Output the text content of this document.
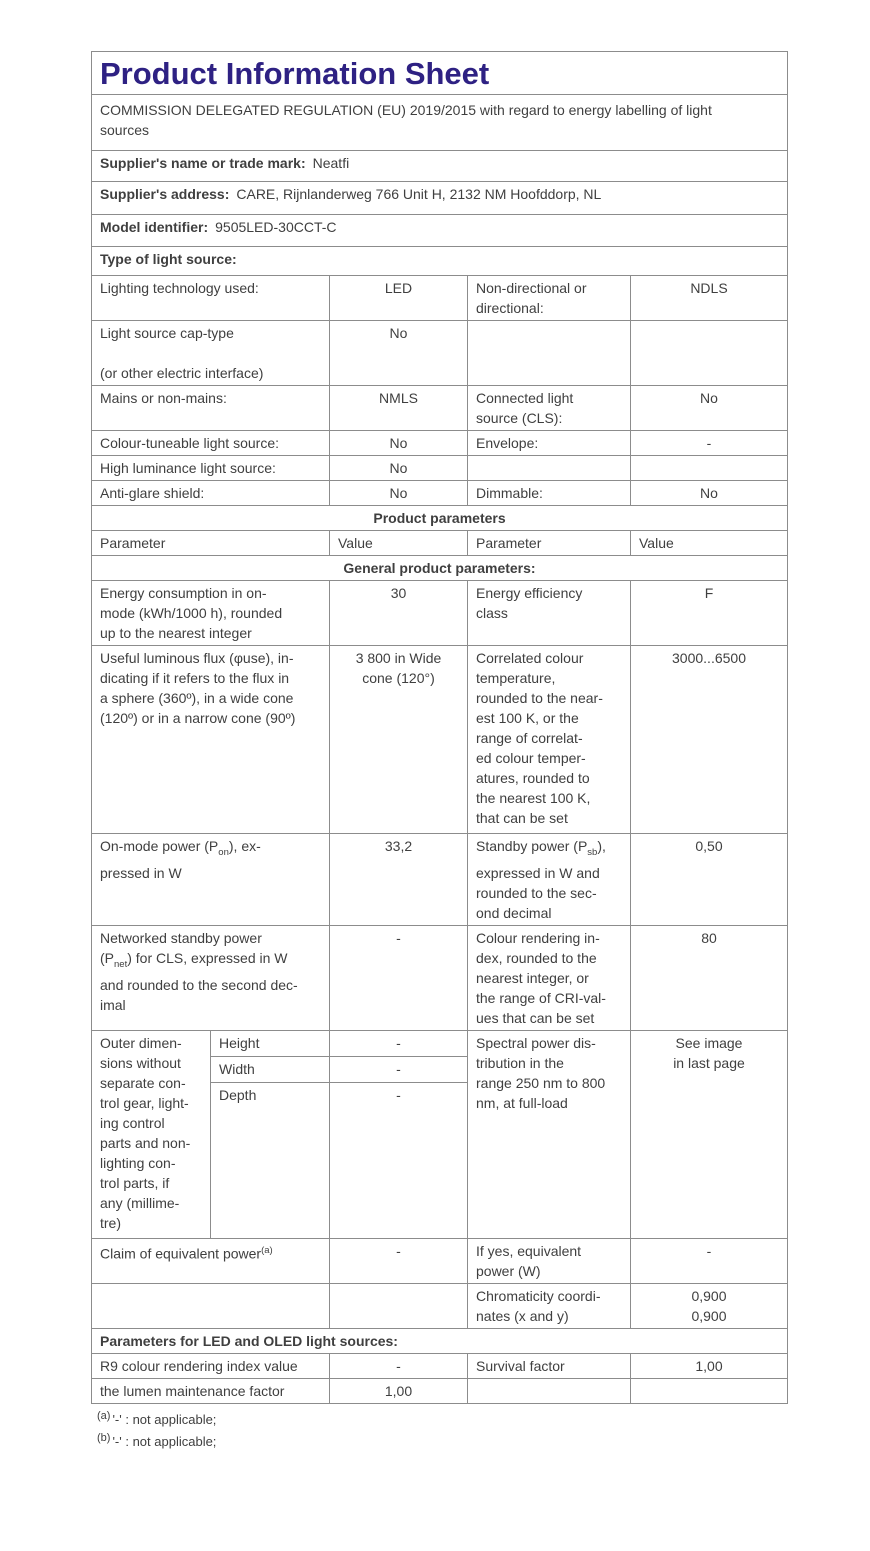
Product Information Sheet				

COMMISSION DELEGATED REGULATION (EU) 2019/2015 with regard to energy labelling of light
sources				
Supplier's name or trade mark: Neatfi				
Supplier's address: CARE, Rijnlanderweg 766 Unit H, 2132 NM Hoofddorp, NL				
Model identifier: 9505LED-30CCT-C				
Type of light source:				
Lighting technology used:		LED	Non-directional or
directional:	NDLS
Light source cap-type

(or other electric interface)		No		
Mains or non-mains:		NMLS	Connected light
source (CLS):	No
Colour-tuneable light source:		No	Envelope:	-
High luminance light source:		No		
Anti-glare shield:		No	Dimmable:	No
Product parameters				
Parameter		Value	Parameter	Value
General product parameters:				
Energy consumption in on-
mode (kWh/1000 h), rounded
up to the nearest integer		30	Energy efficiency
class	F
Useful luminous flux (φuse), in-
dicating if it refers to the flux in
a sphere (360º), in a wide cone
(120º) or in a narrow cone (90º)	3 800 in Wide
cone (120°)	Correlated colour
temperature,
rounded to the near-
est 100 K, or the
range of correlat-
ed colour temper-
atures, rounded to
the nearest 100 K,
that can be set	3000...6500
On-mode power $(P_{on})$, ex-
pressed in W		33,2	Standby power $(P_{sb})$,
expressed in W and
rounded to the sec-
ond decimal	0,50
Networked standby power
$(P_{net})$ for CLS, expressed in W
and rounded to the second dec-
imal		-	Colour rendering in-
dex, rounded to the
nearest integer, or
the range of CRI-val-
ues that can be set	80
Outer dimen-
sions without
separate con-
trol gear, light-
ing control
parts and non-
lighting con-
trol parts, if
any (millime-
tre)	Height	-	Spectral power dis-
tribution in the
range 250 nm to 800
nm, at full-load	See image
in last page
	Width	-		
	Depth	-		
Claim of equivalent power$^{(a)}$		-	If yes, equivalent
power (W)	-
			Chromaticity coordi-
nates (x and y)	0,900
0,900
Parameters for LED and OLED light sources:				
R9 colour rendering index value		-	Survival factor	1,00
the lumen maintenance factor		1,00		
$^{(a)}$ '-' : not applicable;
$^{(b)}$ '-' : not applicable;
